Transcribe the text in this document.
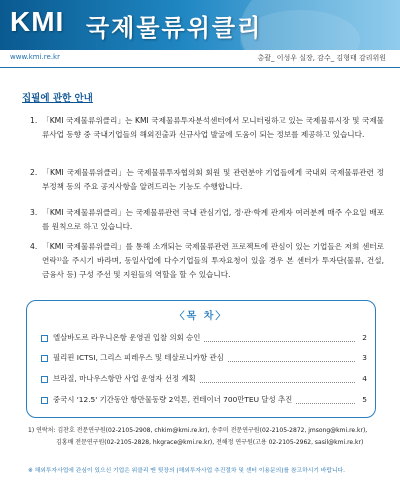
KMI 국제물류위클리
www.kmi.re.kr	총괄_ 이성우 실장, 감수_ 김형태 감리위원
집필에 관한 안내
1. 「KMI 국제물류위클리」는 KMI 국제물류투자분석센터에서 모니터링하고 있는 국제물류시장 및 국제물류사업 동향 중 국내기업들의 해외진출과 신규사업 발굴에 도움이 되는 정보를 제공하고 있습니다.
2. 「KMI 국제물류위클리」는 국제물류투자협의회 회원 및 관련분야 기업들에게 국내외 국제물류관련 정부정책 동의 주요 공지사항을 알려드리는 기능도 수행합니다.
3. 「KMI 국제물류위클리」는 국제물류관련 국내 관심기업, 정·관·학계 관계자 여러분께 매주 수요일 배포를 원칙으로 하고 있습니다.
4. 「KMI 국제물류위클리」를 통해 소개되는 국제물류관련 프로젝트에 관심이 있는 기업들은 저희 센터로 연락¹⁾을 주시기 바라며, 동일사업에 다수기업들의 투자요청이 있을 경우 본 센터가 투자단(물류, 건설, 금융사 등) 구성 주선 및 지원들의 역할을 할 수 있습니다.
〈목 차〉
엘살바도르 라우니온항 운영권 입찰 의회 승인	2
필리핀 ICTSI, 그리스 피레우스 및 테살로니카항 관심	3
브라질, 마나우스항만 사업 운영자 선정 계획	4
중국시 '12.5' 기간동안 항만물동량 2억톤, 컨테이너 700만TEU 달성 추진	5
1) 연락처: 김찬호 전문연구원(02-2105-2908, chkim@kmi.re.kr), 송주미 전문연구원(02-2105-2872, jmsong@kmi.re.kr),
김홍배 전문연구원(02-2105-2828, hkgrace@kmi.re.kr), 전해정 연구원(고용 02-2105-2962, sasil@kmi.re.kr)
※ 해외투자사업에 관심이 있으신 기업은 위클리 맨 뒷장의 (해외투자사업 추진절차 및 센터 이용문의)를 참고하시기 바랍니다.
